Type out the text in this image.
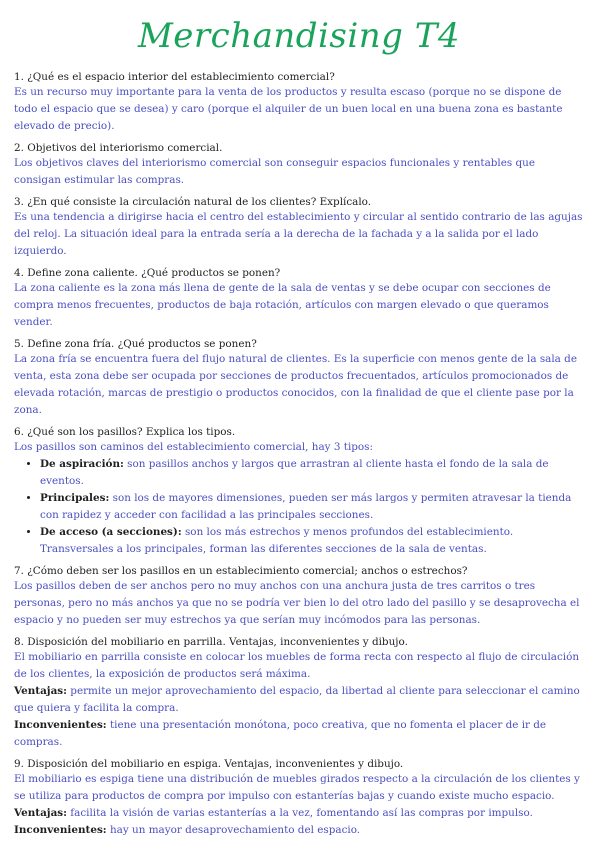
Merchandising T4
1. ¿Qué es el espacio interior del establecimiento comercial?
Es un recurso muy importante para la venta de los productos y resulta escaso (porque no se dispone de todo el espacio que se desea) y caro (porque el alquiler de un buen local en una buena zona es bastante elevado de precio).
2. Objetivos del interiorismo comercial.
Los objetivos claves del interiorismo comercial son conseguir espacios funcionales y rentables que consigan estimular las compras.
3. ¿En qué consiste la circulación natural de los clientes? Explícalo.
Es una tendencia a dirigirse hacia el centro del establecimiento y circular al sentido contrario de las agujas del reloj. La situación ideal para la entrada sería a la derecha de la fachada y a la salida por el lado izquierdo.
4. Define zona caliente. ¿Qué productos se ponen?
La zona caliente es la zona más llena de gente de la sala de ventas y se debe ocupar con secciones de compra menos frecuentes, productos de baja rotación, artículos con margen elevado o que queramos vender.
5. Define zona fría. ¿Qué productos se ponen?
La zona fría se encuentra fuera del flujo natural de clientes. Es la superficie con menos gente de la sala de venta, esta zona debe ser ocupada por secciones de productos frecuentados, artículos promocionados de elevada rotación, marcas de prestigio o productos conocidos, con la finalidad de que el cliente pase por la zona.
6. ¿Qué son los pasillos? Explica los tipos.

Los pasillos son caminos del establecimiento comercial, hay 3 tipos:

• De aspiración: son pasillos anchos y largos que arrastran al cliente hasta el fondo de la sala de eventos.
• Principales: son los de mayores dimensiones, pueden ser más largos y permiten atravesar la tienda con rapidez y acceder con facilidad a las principales secciones.
• De acceso (a secciones): son los más estrechos y menos profundos del establecimiento. Transversales a los principales, forman las diferentes secciones de la sala de ventas.
7. ¿Cómo deben ser los pasillos en un establecimiento comercial; anchos o estrechos?
Los pasillos deben de ser anchos pero no muy anchos con una anchura justa de tres carritos o tres personas, pero no más anchos ya que no se podría ver bien lo del otro lado del pasillo y se desaprovecha el espacio y no pueden ser muy estrechos ya que serían muy incómodos para las personas.
8. Disposición del mobiliario en parrilla. Ventajas, inconvenientes y dibujo.

El mobiliario en parrilla consiste en colocar los muebles de forma recta con respecto al flujo de circulación de los clientes, la exposición de productos será máxima.

Ventajas: permite un mejor aprovechamiento del espacio, da libertad al cliente para seleccionar el camino que quiera y facilita la compra.

Inconvenientes: tiene una presentación monótona, poco creativa, que no fomenta el placer de ir de compras.

9. Disposición del mobiliario en espiga. Ventajas, inconvenientes y dibujo.

El mobiliario es espiga tiene una distribución de muebles girados respecto a la circulación de los clientes y se utiliza para productos de compra por impulso con estanterías bajas y cuando existe mucho espacio.

Ventajas: facilita la visión de varias estanterías a la vez, fomentando así las compras por impulso.

Inconvenientes: hay un mayor desaprovechamiento del espacio.
